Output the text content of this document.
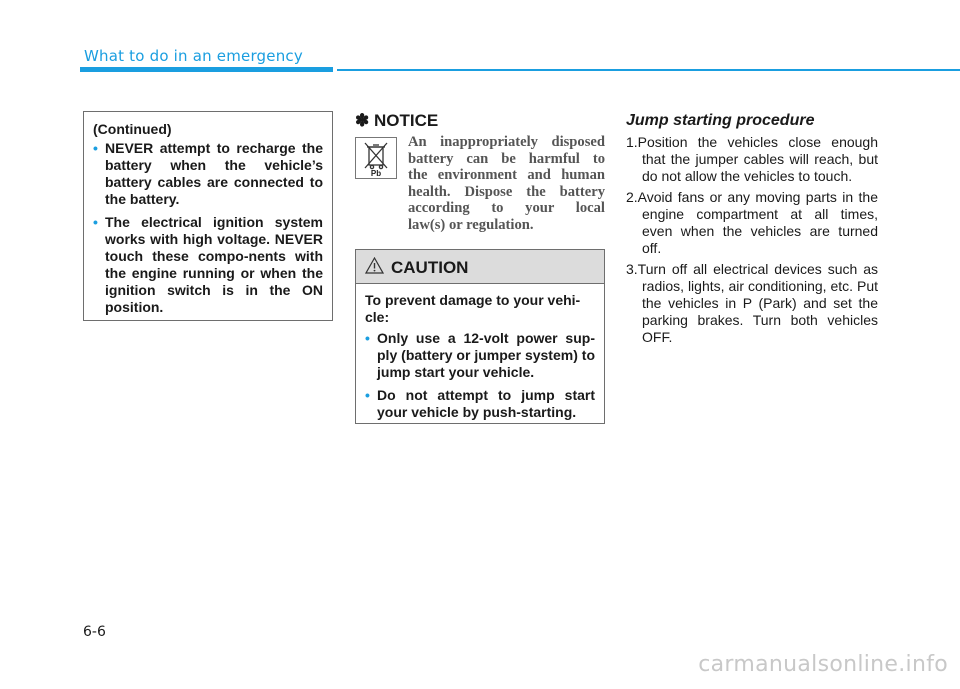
What to do in an emergency
(Continued)
• NEVER attempt to recharge the battery when the vehicle’s battery cables are connected to the battery.
• The electrical ignition system works with high voltage. NEVER touch these compo-nents with the engine running or when the ignition switch is in the ON position.
✽ NOTICE
Pb
An inappropriately disposed
battery can be harmful to
the environment and human
health. Dispose the battery
according to your local
law(s) or regulation.
CAUTION
To prevent damage to your vehi-cle:
• Only use a 12-volt power sup-ply (battery or jumper system) to jump start your vehicle.
• Do not attempt to jump start your vehicle by push-starting.
Jump starting procedure
1.Position the vehicles close enough that the jumper cables will reach, but do not allow the vehicles to touch.
2.Avoid fans or any moving parts in the engine compartment at all times, even when the vehicles are turned off.
3.Turn off all electrical devices such as radios, lights, air conditioning, etc. Put the vehicles in P (Park) and set the parking brakes. Turn both vehicles OFF.
6-6
carmanualsonline.info
